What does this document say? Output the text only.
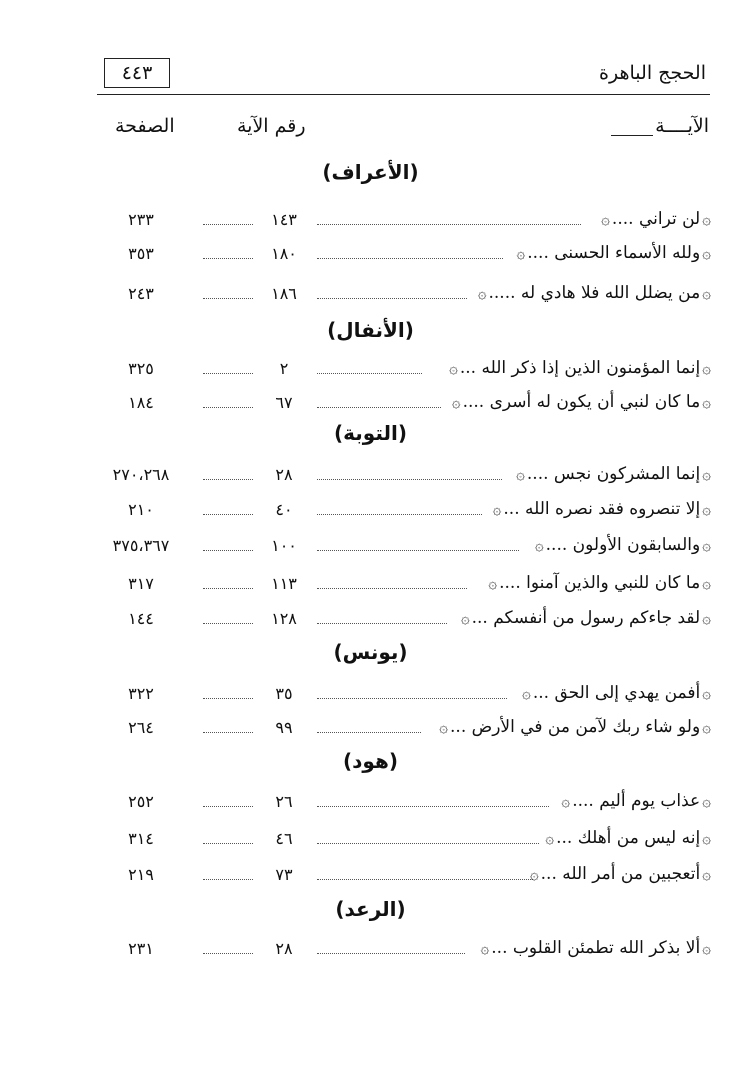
٤٤٣	الحجج الباهرة
الآيــــة
رقم الآية
الصفحة
(الأعراف)
۞
لن تراني ....
۞
١٤٣
٢٣٣
۞
ولله الأسماء الحسنى ....
۞
١٨٠
٣٥٣
۞
من يضلل الله فلا هادي له .....
۞
١٨٦
٢٤٣
(الأنفال)
۞
إنما المؤمنون الذين إذا ذكر الله ...
۞
٢
٣٢٥
۞
ما كان لنبي أن يكون له أسرى ....
۞
٦٧
١٨٤
(التوبة)
۞
إنما المشركون نجس ....
۞
٢٨
٢٧٠،٢٦٨
۞
إلا تنصروه فقد نصره الله ...
۞
٤٠
٢١٠
۞
والسابقون الأولون ....
۞
١٠٠
٣٧٥،٣٦٧
۞
ما كان للنبي والذين آمنوا ....
۞
١١٣
٣١٧
۞
لقد جاءكم رسول من أنفسكم ...
۞
١٢٨
١٤٤
(يونس)
۞
أفمن يهدي إلى الحق ...
۞
٣٥
٣٢٢
۞
ولو شاء ربك لآمن من في الأرض ...
۞
٩٩
٢٦٤
(هود)
۞
عذاب يوم أليم ....
۞
٢٦
٢٥٢
۞
إنه ليس من أهلك ...
۞
٤٦
٣١٤
۞
أتعجبين من أمر الله ...
۞
٧٣
٢١٩
(الرعد)
۞
ألا بذكر الله تطمئن القلوب ...
۞
٢٨
٢٣١
